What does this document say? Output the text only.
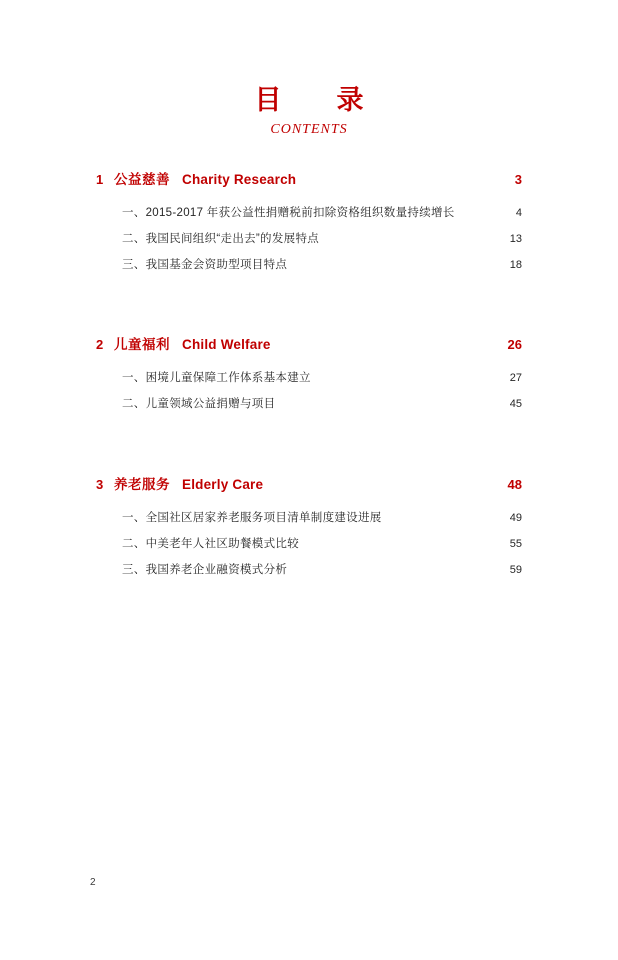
目　录
CONTENTS
1 公益慈善 Charity Research	3
一、2015-2017 年获公益性捐赠税前扣除资格组织数量持续增长	4
二、我国民间组织“走出去”的发展特点	13
三、我国基金会资助型项目特点	18
2 儿童福利 Child Welfare	26
一、困境儿童保障工作体系基本建立	27
二、儿童领域公益捐赠与项目	45
3 养老服务 Elderly Care	48
一、全国社区居家养老服务项目清单制度建设进展	49
二、中美老年人社区助餐模式比较	55
三、我国养老企业融资模式分析	59
2
